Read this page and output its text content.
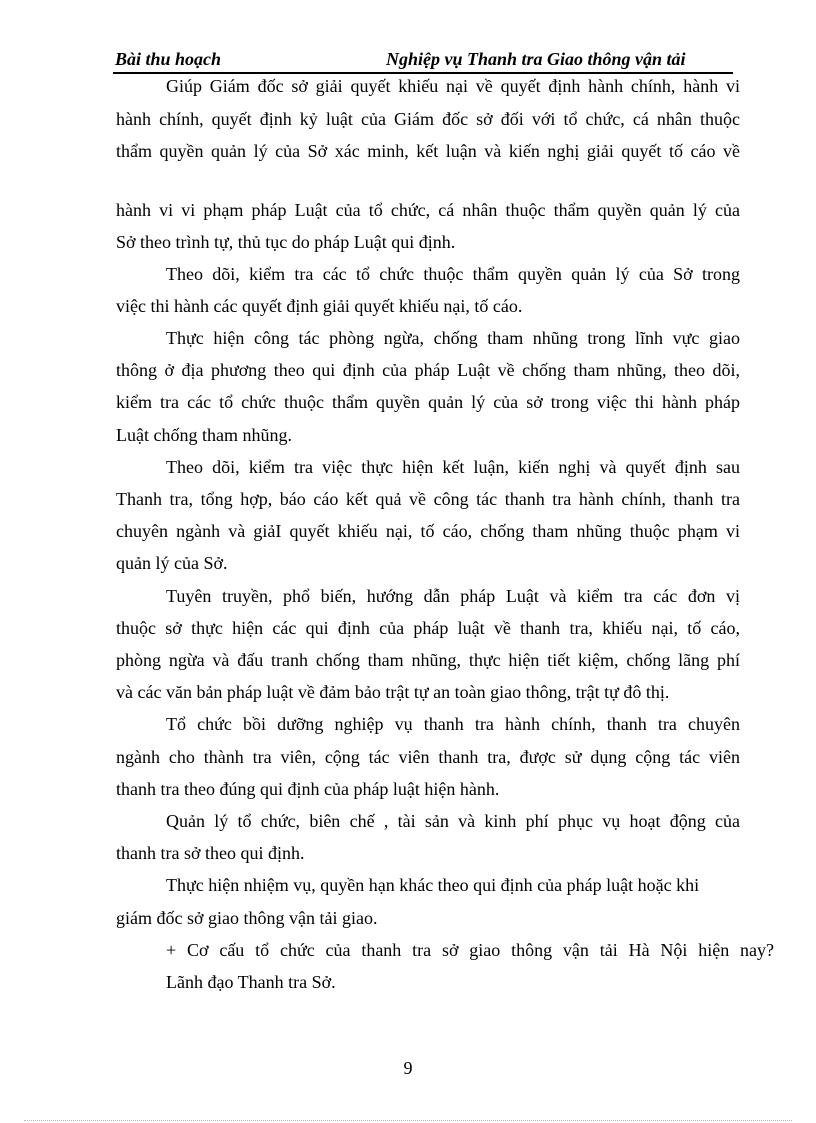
Bài thu hoạch	Nghiệp vụ Thanh tra Giao thông vận tải
Giúp Giám đốc sở giải quyết khiếu nại về quyết định hành chính, hành vi
hành chính, quyết định kỷ luật của Giám đốc sở đối với tổ chức, cá nhân thuộc
thẩm quyền quản lý của Sở xác minh, kết luận và kiến nghị giải quyết tố cáo về
hành vi vi phạm pháp Luật của tổ chức, cá nhân thuộc thẩm quyền quản lý của
Sở theo trình tự, thủ tục do pháp Luật qui định.
Theo dõi, kiểm tra các tổ chức thuộc thẩm quyền quản lý của Sở trong
việc thi hành các quyết định giải quyết khiếu nại, tố cáo.
Thực hiện công tác phòng ngừa, chống tham nhũng trong lĩnh vực giao
thông ở địa phương theo qui định của pháp Luật về chống tham nhũng, theo dõi,
kiểm tra các tổ chức thuộc thẩm quyền quản lý của sở trong việc thi hành pháp
Luật chống tham nhũng.
Theo dõi, kiểm tra việc thực hiện kết luận, kiến nghị và quyết định sau
Thanh tra, tổng hợp, báo cáo kết quả về công tác thanh tra hành chính, thanh tra
chuyên ngành và giảI quyết khiếu nại, tố cáo, chống tham nhũng thuộc phạm vi
quản lý của Sở.
Tuyên truyền, phổ biến, hướng dẫn pháp Luật và kiểm tra các đơn vị
thuộc sở thực hiện các qui định của pháp luật về thanh tra, khiếu nại, tố cáo,
phòng ngừa và đấu tranh chống tham nhũng, thực hiện tiết kiệm, chống lãng phí
và các văn bản pháp luật về đảm bảo trật tự an toàn giao thông, trật tự đô thị.
Tổ chức bồi dưỡng nghiệp vụ thanh tra hành chính, thanh tra chuyên
ngành cho thành tra viên, cộng tác viên thanh tra, được sử dụng cộng tác viên
thanh tra theo đúng qui định của pháp luật hiện hành.
Quản lý tổ chức, biên chế , tài sản và kinh phí phục vụ hoạt động của
thanh tra sở theo qui định.
Thực hiện nhiệm vụ, quyền hạn khác theo qui định của pháp luật hoặc khi
giám đốc sở giao thông vận tải giao.
+ Cơ cấu tổ chức của thanh tra sở giao thông vận tải Hà Nội hiện nay?
Lãnh đạo Thanh tra Sở.
9
